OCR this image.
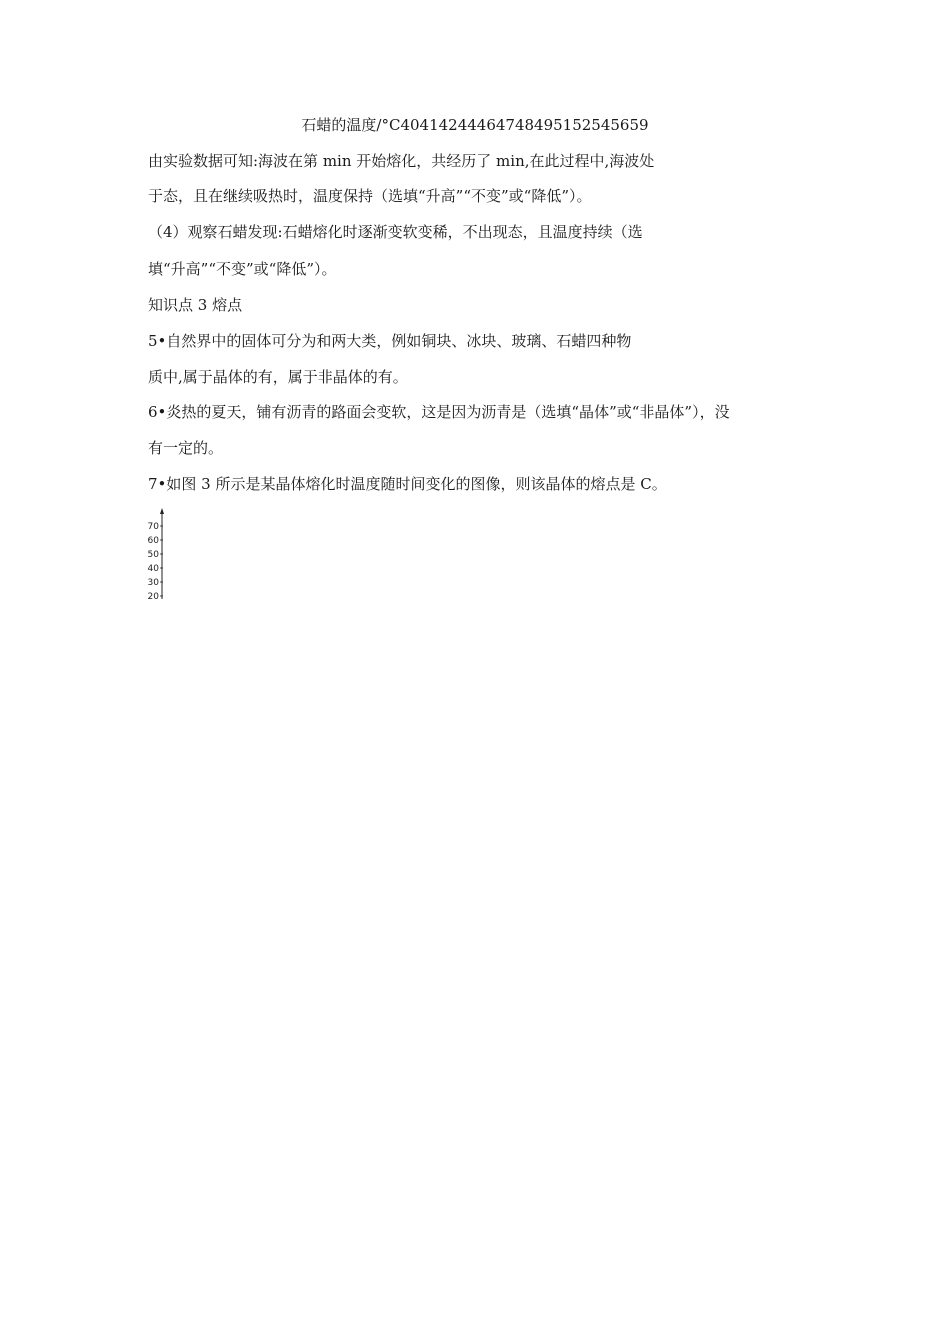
石蜡的温度/°C40414244464748495152545659
由实验数据可知:海波在第 min 开始熔化，共经历了 min,在此过程中,海波处
于态，且在继续吸热时，温度保持（选填“升高”“不变”或“降低”）。
（4）观察石蜡发现:石蜡熔化时逐渐变软变稀，不出现态，且温度持续（选
填“升高”“不变”或“降低”）。
知识点 3 熔点
5•自然界中的固体可分为和两大类，例如铜块、冰块、玻璃、石蜡四种物
质中,属于晶体的有，属于非晶体的有。
6•炎热的夏天，铺有沥青的路面会变软，这是因为沥青是（选填“晶体”或“非晶体”），没
有一定的。
7•如图 3 所示是某晶体熔化时温度随时间变化的图像，则该晶体的熔点是 C。
70
60
50
40
30
20
